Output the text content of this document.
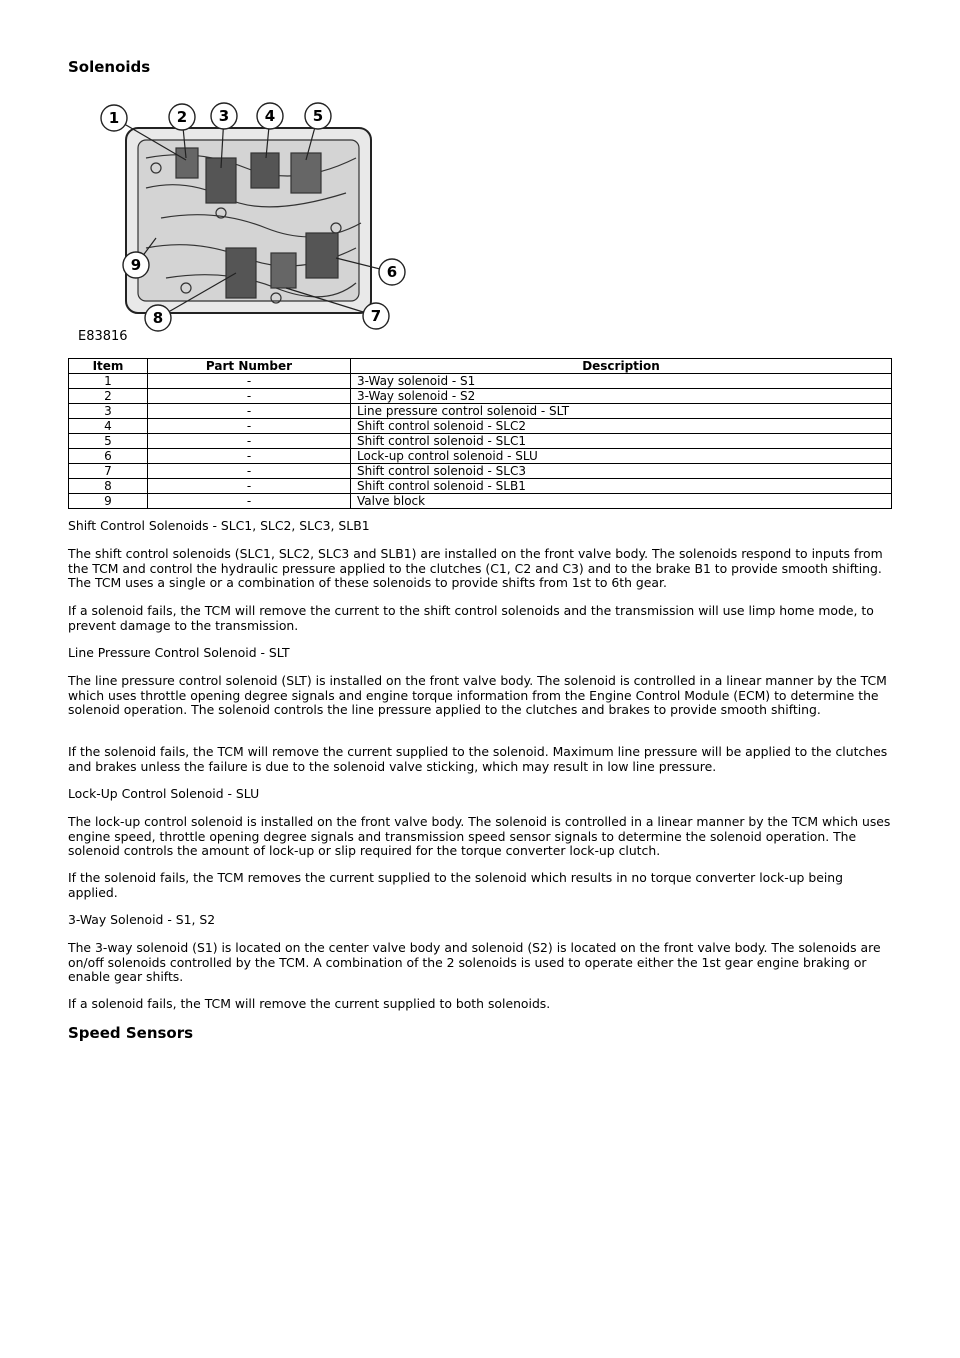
Solenoids
1	2 3 4	5
6
7
8
9
E83816
Item	Part Number	Description
1	-	3-Way solenoid - S1
2	-	3-Way solenoid - S2
3	-	Line pressure control solenoid - SLT
4	-	Shift control solenoid - SLC2
5	-	Shift control solenoid - SLC1
6	-	Lock-up control solenoid - SLU
7	-	Shift control solenoid - SLC3
8	-	Shift control solenoid - SLB1
9	-	Valve block

Shift Control Solenoids - SLC1, SLC2, SLC3, SLB1

The shift control solenoids (SLC1, SLC2, SLC3 and SLB1) are installed on the front valve body. The solenoids respond to inputs from the TCM and control the hydraulic pressure applied to the clutches (C1, C2 and C3) and to the brake B1 to provide smooth shifting. The TCM uses a single or a combination of these solenoids to provide shifts from 1st to 6th gear.

If a solenoid fails, the TCM will remove the current to the shift control solenoids and the transmission will use limp home mode, to prevent damage to the transmission.

Line Pressure Control Solenoid - SLT

The line pressure control solenoid (SLT) is installed on the front valve body. The solenoid is controlled in a linear manner by the TCM which uses throttle opening degree signals and engine torque information from the Engine Control Module (ECM) to determine the solenoid operation. The solenoid controls the line pressure applied to the clutches and brakes to provide smooth shifting.

If the solenoid fails, the TCM will remove the current supplied to the solenoid. Maximum line pressure will be applied to the clutches and brakes unless the failure is due to the solenoid valve sticking, which may result in low line pressure.

Lock-Up Control Solenoid - SLU

The lock-up control solenoid is installed on the front valve body. The solenoid is controlled in a linear manner by the TCM which uses engine speed, throttle opening degree signals and transmission speed sensor signals to determine the solenoid operation. The solenoid controls the amount of lock-up or slip required for the torque converter lock-up clutch.

If the solenoid fails, the TCM removes the current supplied to the solenoid which results in no torque converter lock-up being applied.

3-Way Solenoid - S1, S2

The 3-way solenoid (S1) is located on the center valve body and solenoid (S2) is located on the front valve body. The solenoids are on/off solenoids controlled by the TCM. A combination of the 2 solenoids is used to operate either the 1st gear engine braking or enable gear shifts.

If a solenoid fails, the TCM will remove the current supplied to both solenoids.

Speed Sensors
